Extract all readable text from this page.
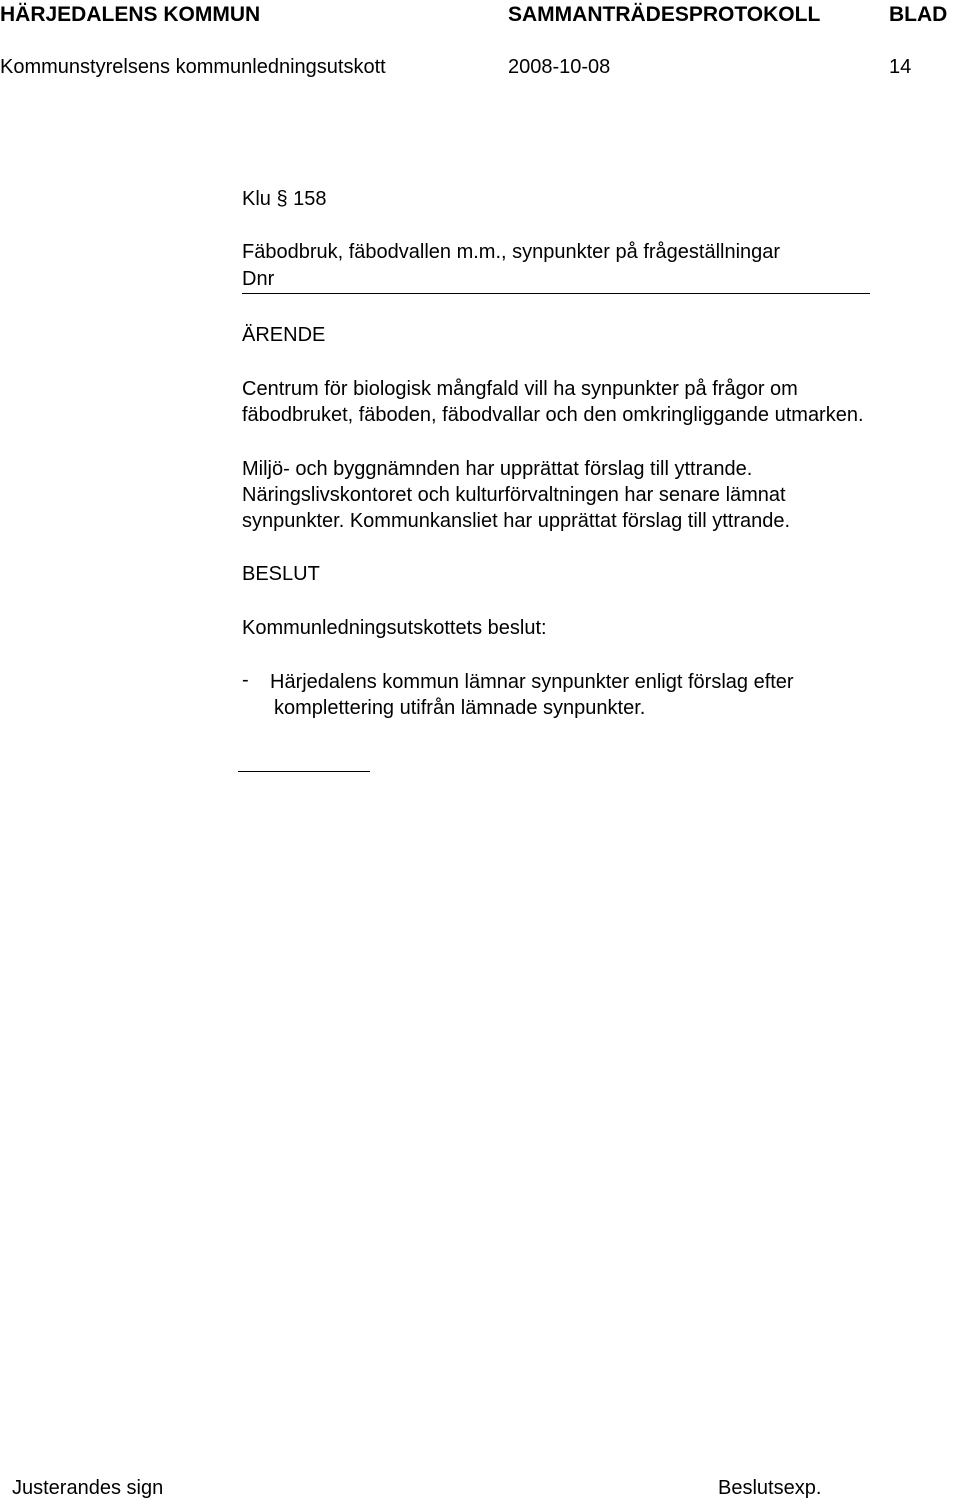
HÄRJEDALENS KOMMUN	SAMMANTRÄDESPROTOKOLL	BLAD
Kommunstyrelsens kommunledningsutskott	2008-10-08	14
Klu § 158
Fäbodbruk, fäbodvallen m.m., synpunkter på frågeställningar
Dnr
ÄRENDE
Centrum för biologisk mångfald vill ha synpunkter på frågor om
fäbodbruket, fäboden, fäbodvallar och den omkringliggande utmarken.
Miljö- och byggnämnden har upprättat förslag till yttrande.
Näringslivskontoret och kulturförvaltningen har senare lämnat
synpunkter. Kommunkansliet har upprättat förslag till yttrande.
BESLUT
Kommunledningsutskottets beslut:
- Härjedalens kommun lämnar synpunkter enligt förslag efter
komplettering utifrån lämnade synpunkter.
Justerandes sign	Beslutsexp.
